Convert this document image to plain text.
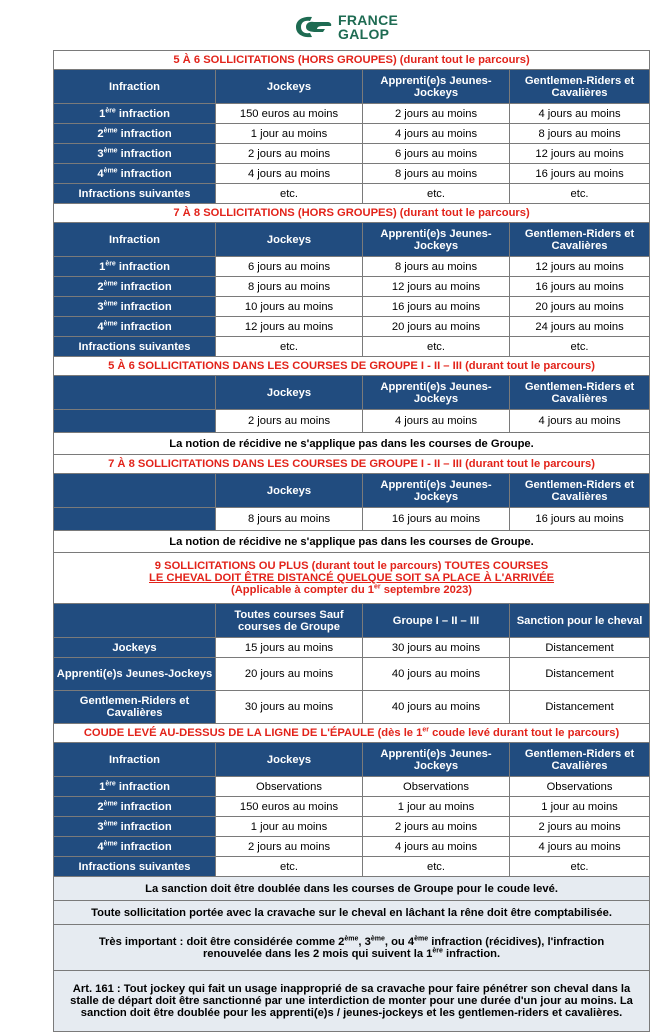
FRANCE
GALOP
5 À 6 SOLLICITATIONS (HORS GROUPES) (durant tout le parcours)			
Infraction	Jockeys	Apprenti(e)s Jeunes-Jockeys	Gentlemen-Riders et Cavalières
1ère infraction	150 euros au moins	2 jours au moins	4 jours au moins
2ème infraction	1 jour au moins	4 jours au moins	8 jours au moins
3ème infraction	2 jours au moins	6 jours au moins	12 jours au moins
4ème infraction	4 jours au moins	8 jours au moins	16 jours au moins
Infractions suivantes	etc.	etc.	etc.
7 À 8 SOLLICITATIONS (HORS GROUPES) (durant tout le parcours)			
Infraction	Jockeys	Apprenti(e)s Jeunes-Jockeys	Gentlemen-Riders et Cavalières
1ère infraction	6 jours au moins	8 jours au moins	12 jours au moins
2ème infraction	8 jours au moins	12 jours au moins	16 jours au moins
3ème infraction	10 jours au moins	16 jours au moins	20 jours au moins
4ème infraction	12 jours au moins	20 jours au moins	24 jours au moins
Infractions suivantes	etc.	etc.	etc.
5 À 6 SOLLICITATIONS DANS LES COURSES DE GROUPE I - II – III (durant tout le parcours)			
	Jockeys	Apprenti(e)s Jeunes-Jockeys	Gentlemen-Riders et Cavalières
	2 jours au moins	4 jours au moins	4 jours au moins
La notion de récidive ne s'applique pas dans les courses de Groupe.			
7 À 8 SOLLICITATIONS DANS LES COURSES DE GROUPE I - II – III (durant tout le parcours)			
	Jockeys	Apprenti(e)s Jeunes-Jockeys	Gentlemen-Riders et Cavalières
	8 jours au moins	16 jours au moins	16 jours au moins
La notion de récidive ne s'applique pas dans les courses de Groupe.			

9 SOLLICITATIONS OU PLUS (durant tout le parcours) TOUTES COURSES
LE CHEVAL DOIT ÊTRE DISTANCÉ QUELQUE SOIT SA PLACE À L'ARRIVÉE
(Applicable à compter du 1er septembre 2023)			

	Toutes courses Sauf courses de Groupe	Groupe I – II – III	Sanction pour le cheval
Jockeys	15 jours au moins	30 jours au moins	Distancement
Apprenti(e)s Jeunes-Jockeys	20 jours au moins	40 jours au moins	Distancement
Gentlemen-Riders et Cavalières	30 jours au moins	40 jours au moins	Distancement
COUDE LEVÉ AU-DESSUS DE LA LIGNE DE L'ÉPAULE (dès le 1er coude levé durant tout le parcours)			
Infraction	Jockeys	Apprenti(e)s Jeunes-Jockeys	Gentlemen-Riders et Cavalières
1ère infraction	Observations	Observations	Observations
2ème infraction	150 euros au moins	1 jour au moins	1 jour au moins
3ème infraction	1 jour au moins	2 jours au moins	2 jours au moins
4ème infraction	2 jours au moins	4 jours au moins	4 jours au moins
Infractions suivantes	etc.	etc.	etc.
La sanction doit être doublée dans les courses de Groupe pour le coude levé.			
Toute sollicitation portée avec la cravache sur le cheval en lâchant la rêne doit être comptabilisée.			
Très important : doit être considérée comme 2ème, 3ème, ou 4ème infraction (récidives), l'infraction renouvelée dans les 2 mois qui suivent la 1ère infraction.			
Art. 161 : Tout jockey qui fait un usage inapproprié de sa cravache pour faire pénétrer son cheval dans la stalle de départ doit être sanctionné par une interdiction de monter pour une durée d'un jour au moins. La sanction doit être doublée pour les apprenti(e)s / jeunes-jockeys et les gentlemen-riders et cavalières.			
